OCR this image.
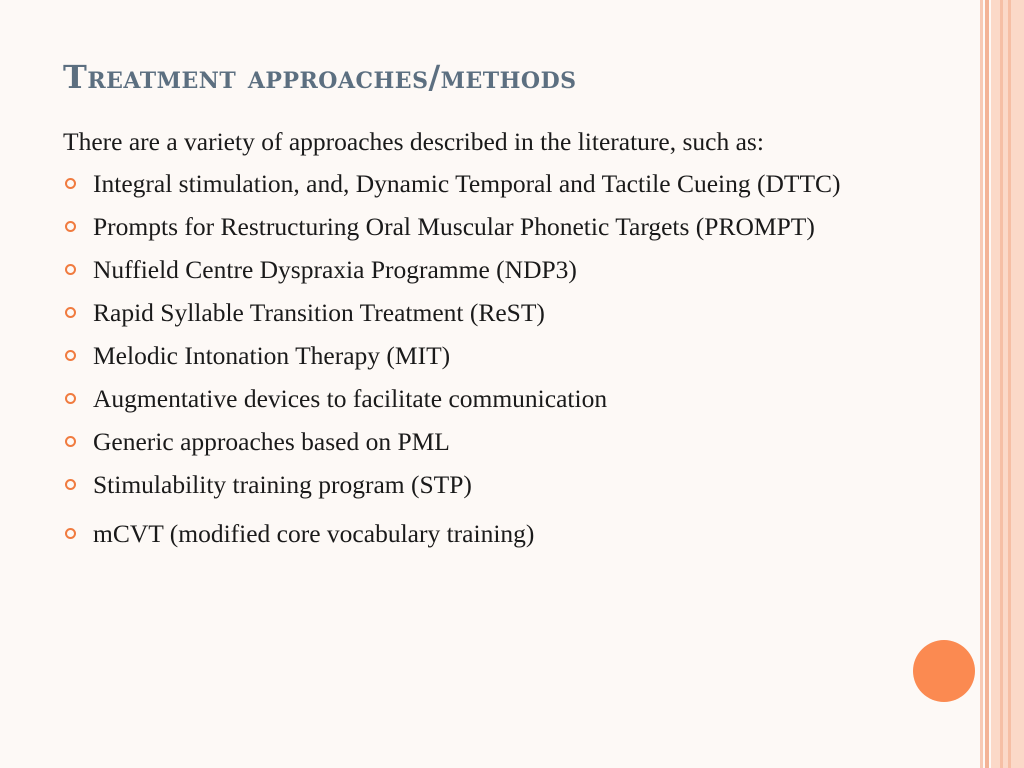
Treatment approaches/methods

There are a variety of approaches described in the literature, such as:

Integral stimulation, and, Dynamic Temporal and Tactile Cueing (DTTC)
Prompts for Restructuring Oral Muscular Phonetic Targets (PROMPT)
Nuffield Centre Dyspraxia Programme (NDP3)
Rapid Syllable Transition Treatment (ReST)
Melodic Intonation Therapy (MIT)
Augmentative devices to facilitate communication
Generic approaches based on PML
Stimulability training program (STP)
mCVT (modified core vocabulary training)
